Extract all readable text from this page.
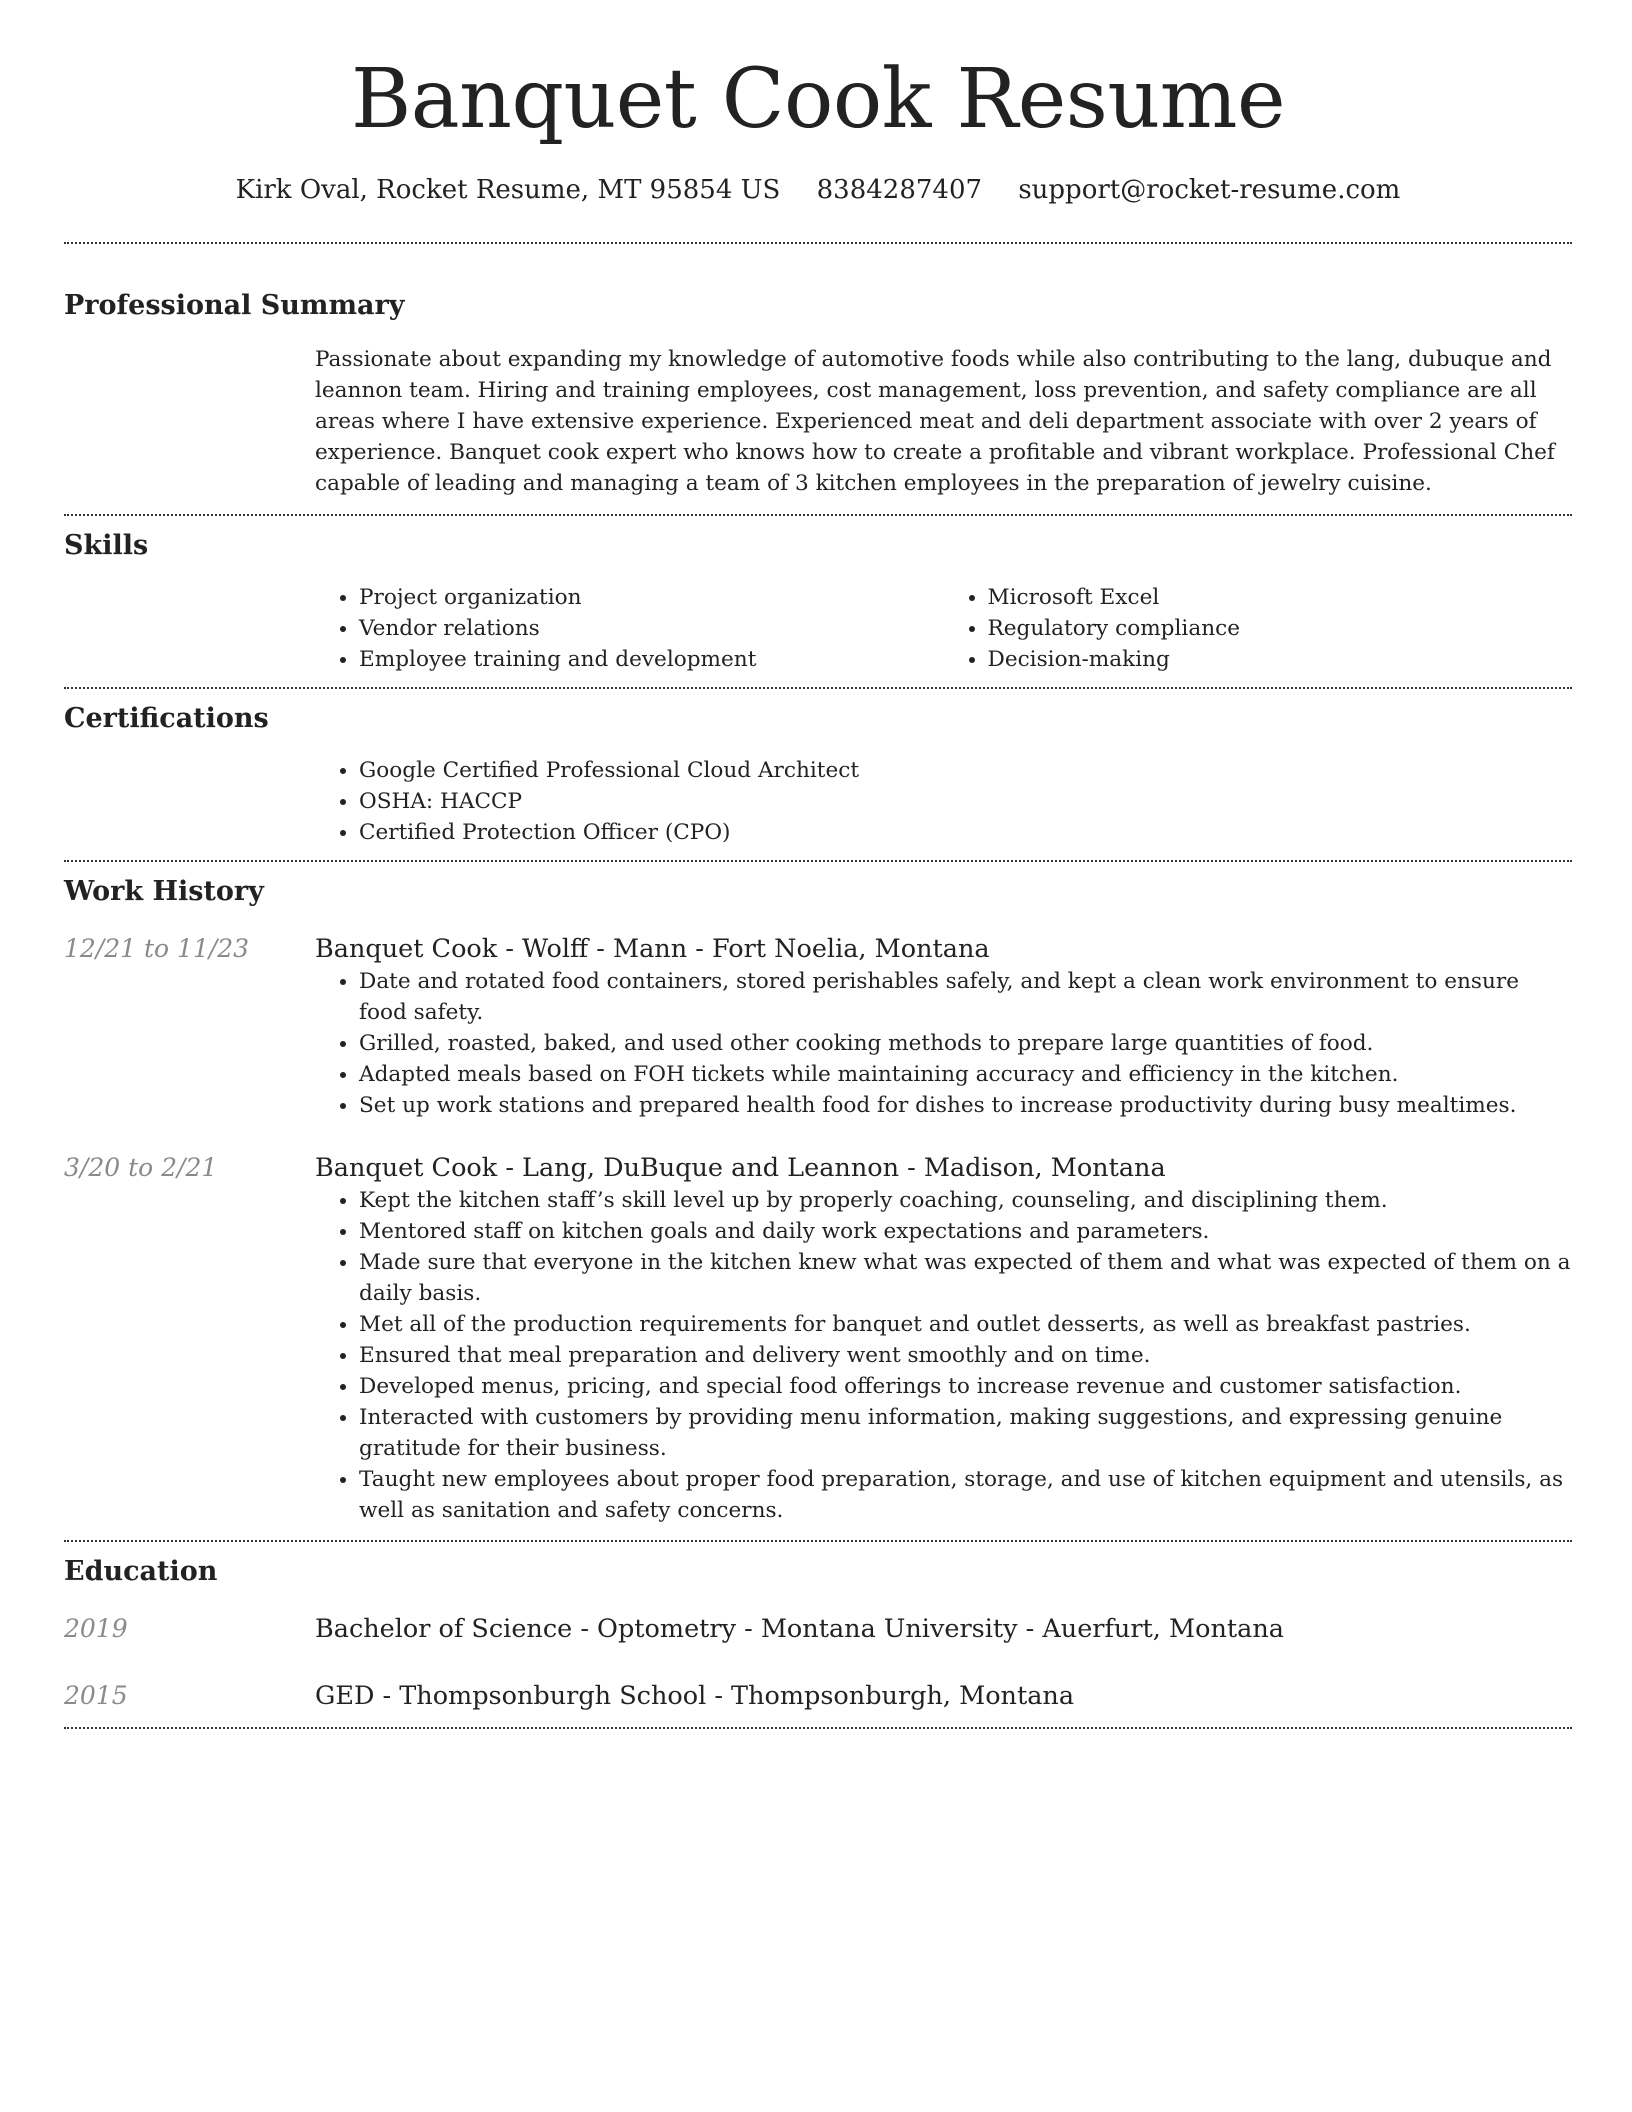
Banquet Cook Resume
Kirk Oval, Rocket Resume, MT 95854 US 8384287407 support@rocket-resume.com
Professional Summary
Passionate about expanding my knowledge of automotive foods while also contributing to the lang, dubuque and leannon team. Hiring and training employees, cost management, loss prevention, and safety compliance are all areas where I have extensive experience. Experienced meat and deli department associate with over 2 years of experience. Banquet cook expert who knows how to create a profitable and vibrant workplace. Professional Chef capable of leading and managing a team of 3 kitchen employees in the preparation of jewelry cuisine.
Skills
• Project organization
• Vendor relations
• Employee training and development
• Microsoft Excel
• Regulatory compliance
• Decision-making
Certifications
• Google Certified Professional Cloud Architect
• OSHA: HACCP
• Certified Protection Officer (CPO)
Work History
12/21 to 11/23	Banquet Cook - Wolff - Mann - Fort Noelia, Montana
• Date and rotated food containers, stored perishables safely, and kept a clean work environment to ensure food safety.
• Grilled, roasted, baked, and used other cooking methods to prepare large quantities of food.
• Adapted meals based on FOH tickets while maintaining accuracy and efficiency in the kitchen.
• Set up work stations and prepared health food for dishes to increase productivity during busy mealtimes.
3/20 to 2/21	Banquet Cook - Lang, DuBuque and Leannon - Madison, Montana
• Kept the kitchen staff’s skill level up by properly coaching, counseling, and disciplining them.
• Mentored staff on kitchen goals and daily work expectations and parameters.
• Made sure that everyone in the kitchen knew what was expected of them and what was expected of them on a daily basis.
• Met all of the production requirements for banquet and outlet desserts, as well as breakfast pastries.
• Ensured that meal preparation and delivery went smoothly and on time.
• Developed menus, pricing, and special food offerings to increase revenue and customer satisfaction.
• Interacted with customers by providing menu information, making suggestions, and expressing genuine gratitude for their business.
• Taught new employees about proper food preparation, storage, and use of kitchen equipment and utensils, as well as sanitation and safety concerns.
Education
2019	Bachelor of Science - Optometry - Montana University - Auerfurt, Montana
2015	GED - Thompsonburgh School - Thompsonburgh, Montana
